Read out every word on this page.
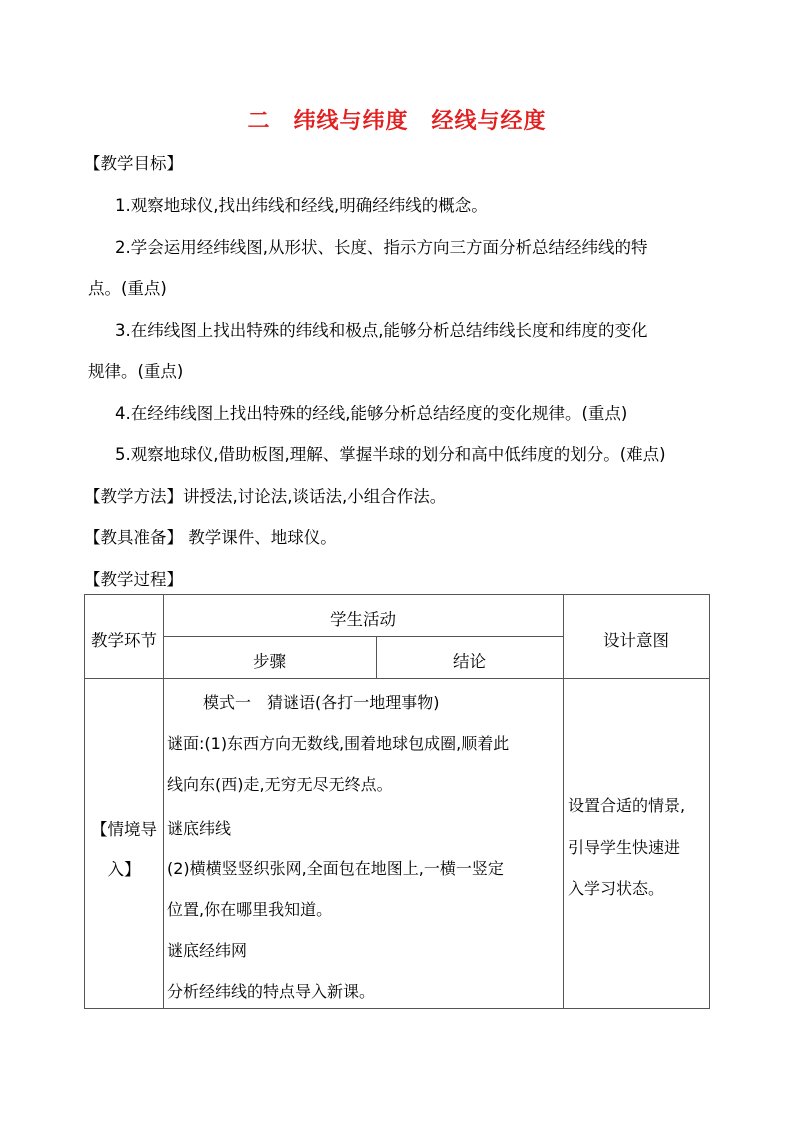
二　纬线与纬度　经线与经度
【教学目标】
1.观察地球仪,找出纬线和经线,明确经纬线的概念。
2.学会运用经纬线图,从形状、长度、指示方向三方面分析总结经纬线的特
点。(重点)
3.在纬线图上找出特殊的纬线和极点,能够分析总结纬线长度和纬度的变化
规律。(重点)
4.在经纬线图上找出特殊的经线,能够分析总结经度的变化规律。(重点)
5.观察地球仪,借助板图,理解、掌握半球的划分和高中低纬度的划分。(难点)
【教学方法】讲授法,讨论法,谈话法,小组合作法。
【教具准备】 教学课件、地球仪。
【教学过程】
教学环节
学生活动
步骤	结论
设计意图
【情境导
入】
模式一　猜谜语(各打一地理事物)
谜面:(1)东西方向无数线,围着地球包成圈,顺着此
线向东(西)走,无穷无尽无终点。
谜底纬线
(2)横横竖竖织张网,全面包在地图上,一横一竖定
位置,你在哪里我知道。
谜底经纬网
分析经纬线的特点导入新课。
设置合适的情景,
引导学生快速进
入学习状态。
